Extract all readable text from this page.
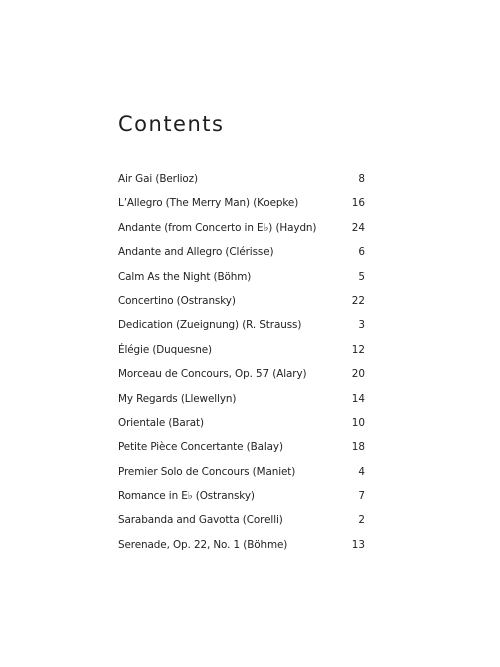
Contents
Air Gai (Berlioz)	8
L’Allegro (The Merry Man) (Koepke)	16
Andante (from Concerto in E♭) (Haydn)	24
Andante and Allegro (Clérisse)	6
Calm As the Night (Böhm)	5
Concertino (Ostransky)	22
Dedication (Zueignung) (R. Strauss)	3
Élégie (Duquesne)	12
Morceau de Concours, Op. 57 (Alary)	20
My Regards (Llewellyn)	14
Orientale (Barat)	10
Petite Pièce Concertante (Balay)	18
Premier Solo de Concours (Maniet)	4
Romance in E♭ (Ostransky)	7
Sarabanda and Gavotta (Corelli)	2
Serenade, Op. 22, No. 1 (Böhme)	13
